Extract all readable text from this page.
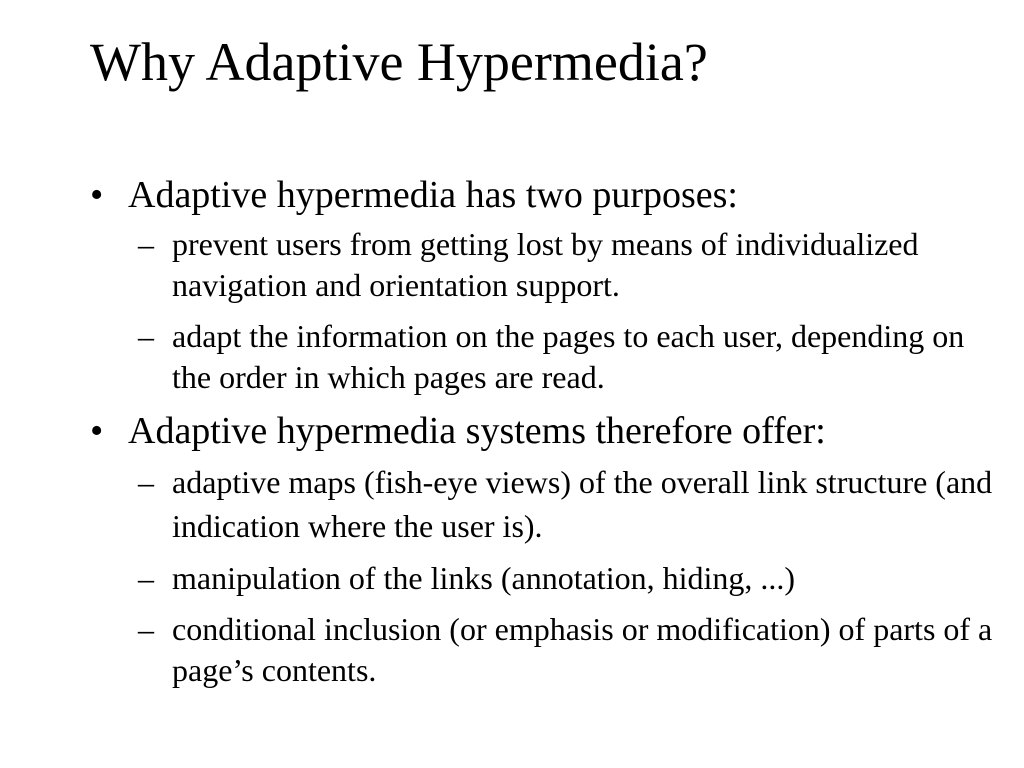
Why Adaptive Hypermedia?
• Adaptive hypermedia has two purposes:
– prevent users from getting lost by means of individualized navigation and orientation support.
– adapt the information on the pages to each user, depending on the order in which pages are read.
• Adaptive hypermedia systems therefore offer:
– adaptive maps (fish-eye views) of the overall link structure (and indication where the user is).
– manipulation of the links (annotation, hiding, ...)
– conditional inclusion (or emphasis or modification) of parts of a page’s contents.
